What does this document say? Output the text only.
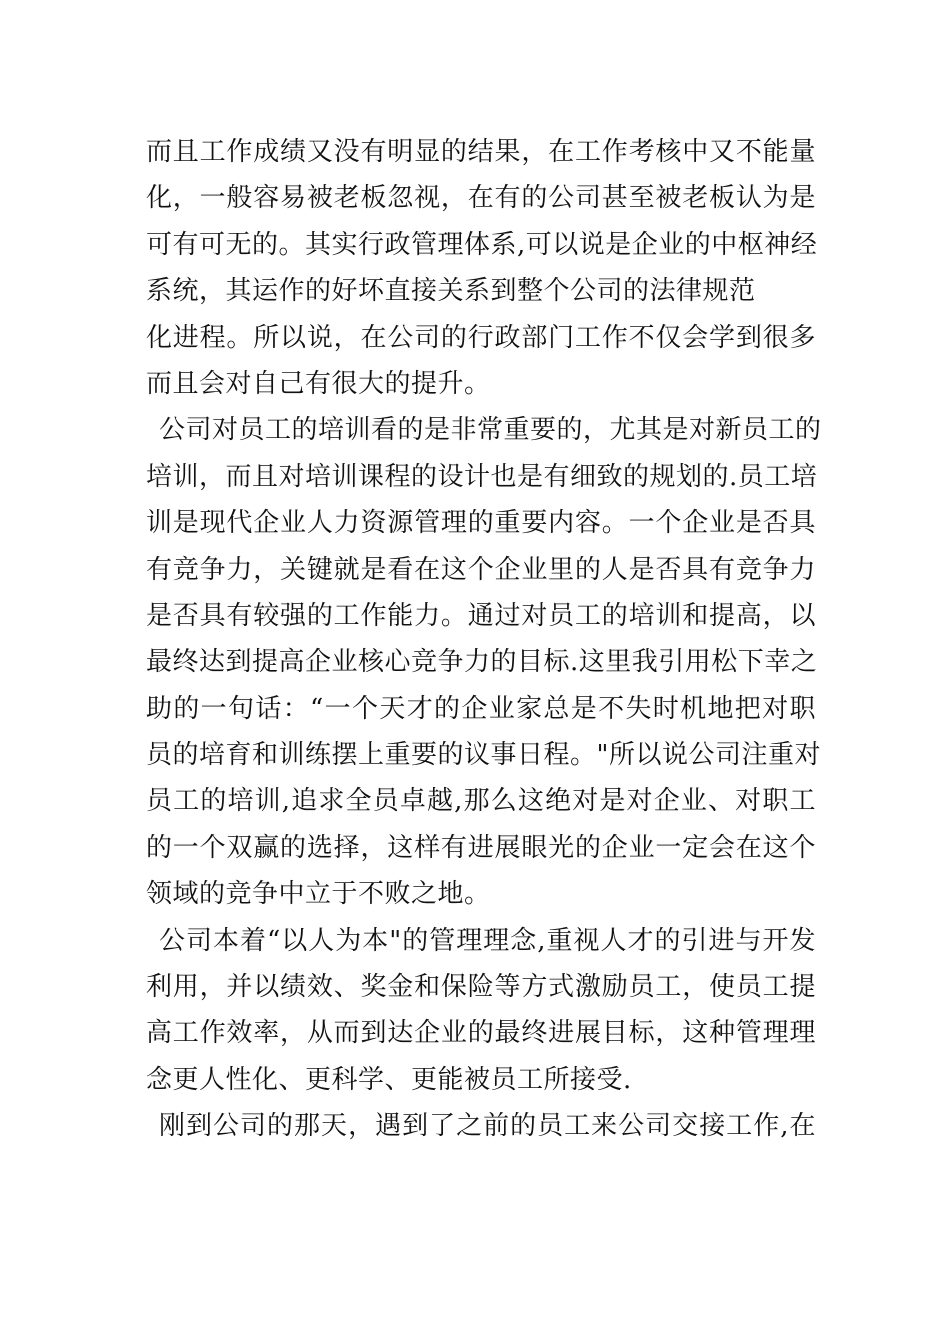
而且工作成绩又没有明显的结果，在工作考核中又不能量
化，一般容易被老板忽视，在有的公司甚至被老板认为是
可有可无的。其实行政管理体系,可以说是企业的中枢神经
系统，其运作的好坏直接关系到整个公司的法律规范
化进程。所以说，在公司的行政部门工作不仅会学到很多
而且会对自己有很大的提升。
公司对员工的培训看的是非常重要的，尤其是对新员工的
培训，而且对培训课程的设计也是有细致的规划的.员工培
训是现代企业人力资源管理的重要内容。一个企业是否具
有竞争力，关键就是看在这个企业里的人是否具有竞争力
是否具有较强的工作能力。通过对员工的培训和提高，以
最终达到提高企业核心竞争力的目标.这里我引用松下幸之
助的一句话：“一个天才的企业家总是不失时机地把对职
员的培育和训练摆上重要的议事日程。"所以说公司注重对
员工的培训,追求全员卓越,那么这绝对是对企业、对职工
的一个双赢的选择，这样有进展眼光的企业一定会在这个
领域的竞争中立于不败之地。
公司本着“以人为本"的管理理念,重视人才的引进与开发
利用，并以绩效、奖金和保险等方式激励员工，使员工提
高工作效率，从而到达企业的最终进展目标，这种管理理
念更人性化、更科学、更能被员工所接受.
刚到公司的那天，遇到了之前的员工来公司交接工作,在
